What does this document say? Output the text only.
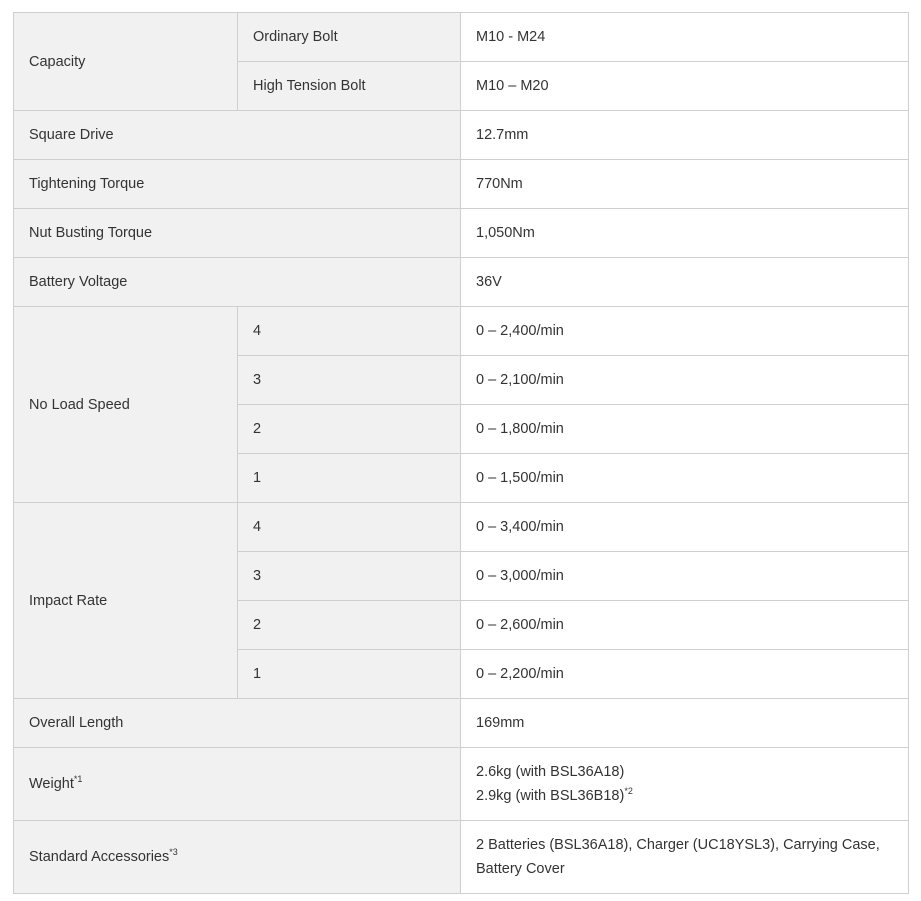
Capacity	Ordinary Bolt	M10 - M24
	High Tension Bolt	M10 – M20
Square Drive		12.7mm
Tightening Torque		770Nm
Nut Busting Torque		1,050Nm
Battery Voltage		36V
No Load Speed	4	0 – 2,400/min
	3	0 – 2,100/min
	2	0 – 1,800/min
	1	0 – 1,500/min
Impact Rate	4	0 – 3,400/min
	3	0 – 3,000/min
	2	0 – 2,600/min
	1	0 – 2,200/min
Overall Length		169mm
Weight$^{*1}$		2.6kg (with BSL36A18)
2.9kg (with BSL36B18)$^{*2}$

Standard Accessories$^{*3}$		2 Batteries (BSL36A18), Charger (UC18YSL3), Carrying Case,
Battery Cover
